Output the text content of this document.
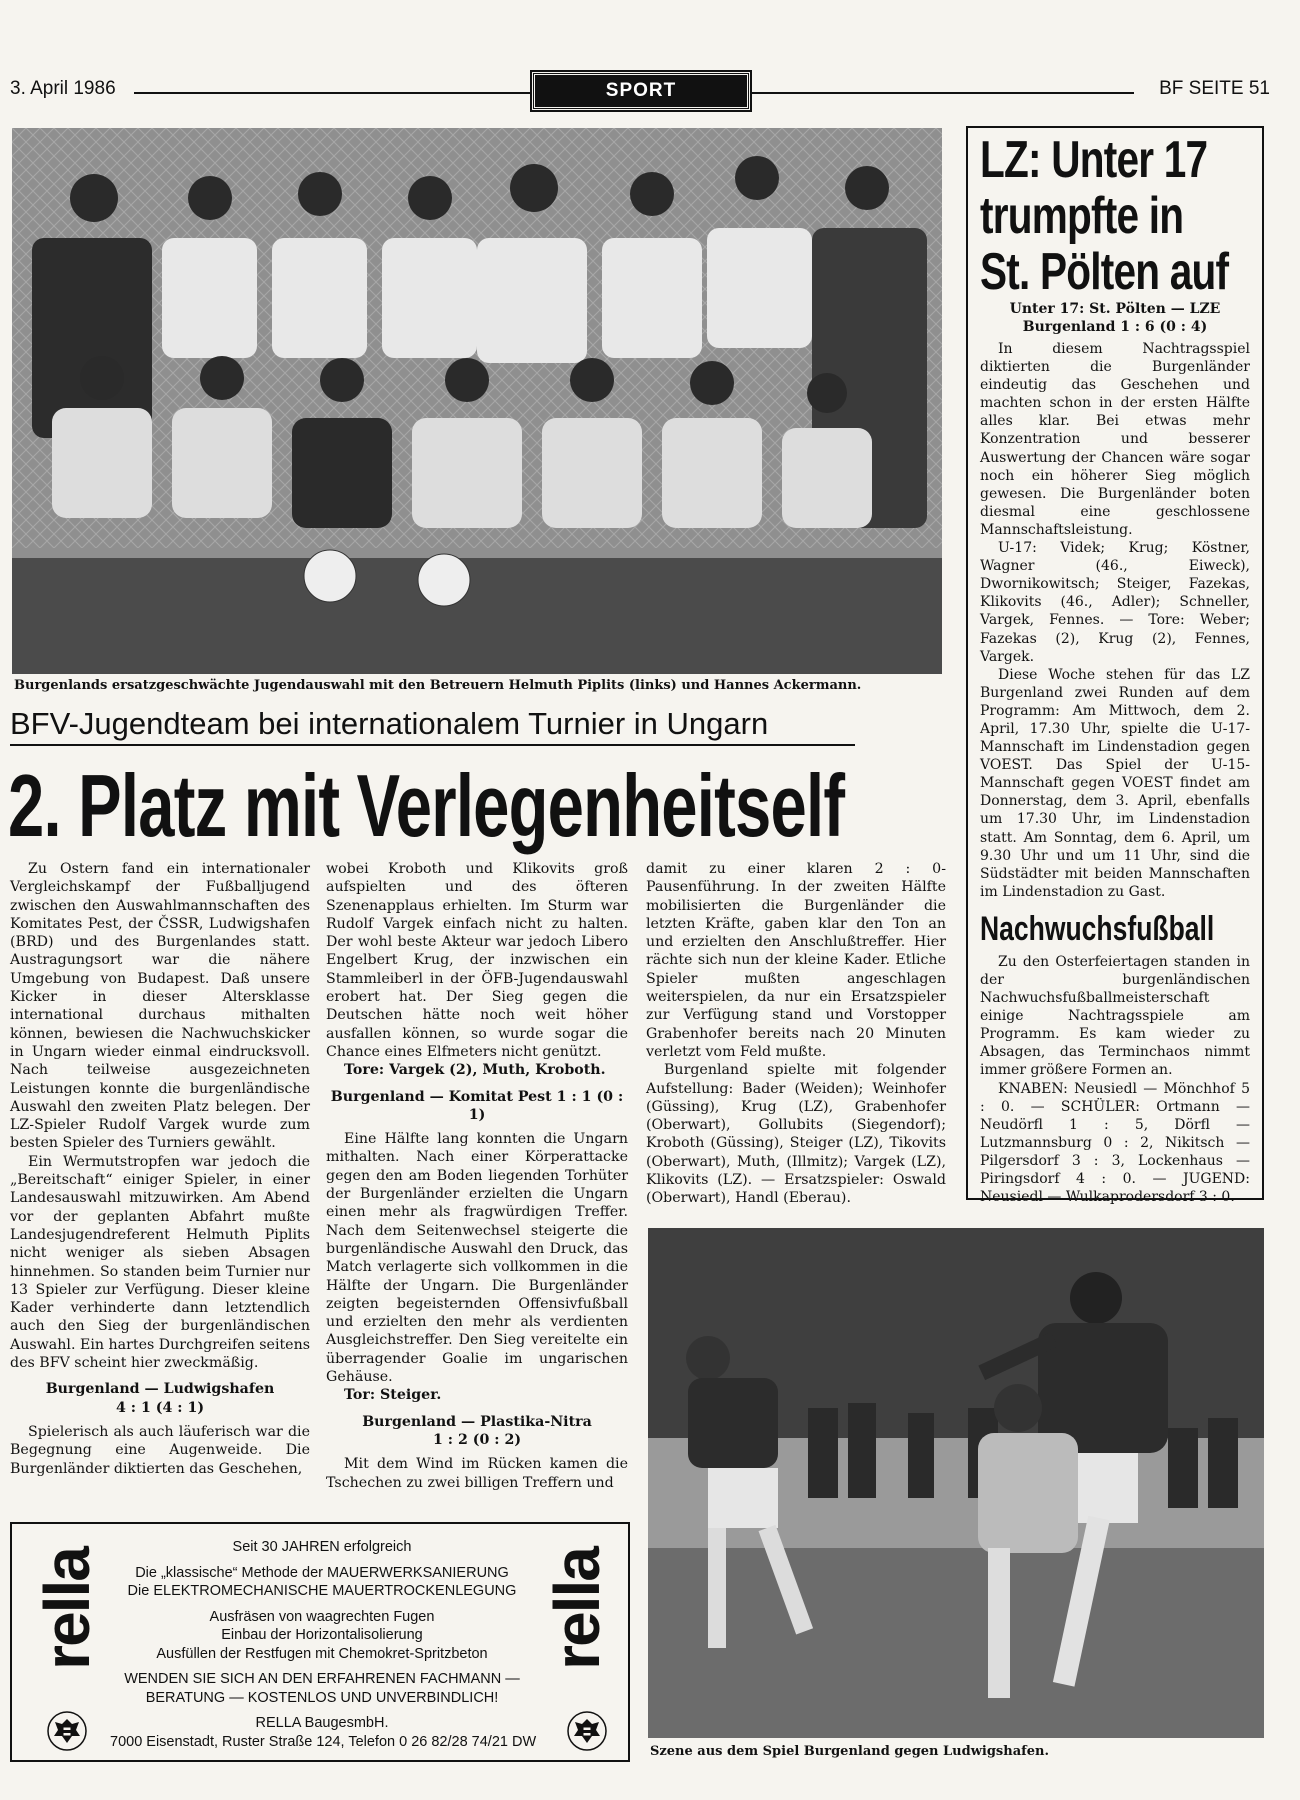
3. April 1986	SPORT	BF SEITE 51
Burgenlands ersatzgeschwächte Jugendauswahl mit den Betreuern Helmuth Piplits (links) und Hannes Ackermann.
BFV-Jugendteam bei internationalem Turnier in Ungarn
2. Platz mit Verlegenheitself

Zu Ostern fand ein internationaler Vergleichskampf der Fußballjugend zwischen den Auswahlmannschaften des Komitates Pest, der ČSSR, Ludwigshafen (BRD) und des Burgenlandes statt. Austragungsort war die nähere Umgebung von Budapest. Daß unsere Kicker in dieser Altersklasse international durchaus mithalten können, bewiesen die Nachwuchskicker in Ungarn wieder einmal eindrucksvoll. Nach teilweise ausgezeichneten Leistungen konnte die burgenländische Auswahl den zweiten Platz belegen. Der LZ-Spieler Rudolf Vargek wurde zum besten Spieler des Turniers gewählt.

Ein Wermutstropfen war jedoch die „Bereitschaft“ einiger Spieler, in einer Landesauswahl mitzuwirken. Am Abend vor der geplanten Abfahrt mußte Landesjugendreferent Helmuth Piplits nicht weniger als sieben Absagen hinnehmen. So standen beim Turnier nur 13 Spieler zur Verfügung. Dieser kleine Kader verhinderte dann letztendlich auch den Sieg der burgenländischen Auswahl. Ein hartes Durchgreifen seitens des BFV scheint hier zweckmäßig.

Burgenland — Ludwigshafen
4 : 1 (4 : 1)

Spielerisch als auch läuferisch war die Begegnung eine Augenweide. Die Burgenländer diktierten das Geschehen,

wobei Kroboth und Klikovits groß aufspielten und des öfteren Szenenapplaus erhielten. Im Sturm war Rudolf Vargek einfach nicht zu halten. Der wohl beste Akteur war jedoch Libero Engelbert Krug, der inzwischen ein Stammleiberl in der ÖFB-Jugendauswahl erobert hat. Der Sieg gegen die Deutschen hätte noch weit höher ausfallen können, so wurde sogar die Chance eines Elfmeters nicht genützt.

Tore: Vargek (2), Muth, Kroboth.

Burgenland — Komitat Pest 1 : 1 (0 : 1)

Eine Hälfte lang konnten die Ungarn mithalten. Nach einer Körperattacke gegen den am Boden liegenden Torhüter der Burgenländer erzielten die Ungarn einen mehr als fragwürdigen Treffer. Nach dem Seitenwechsel steigerte die burgenländische Auswahl den Druck, das Match verlagerte sich vollkommen in die Hälfte der Ungarn. Die Burgenländer zeigten begeisternden Offensivfußball und erzielten den mehr als verdienten Ausgleichstreffer. Den Sieg vereitelte ein überragender Goalie im ungarischen Gehäuse.

Tor: Steiger.

Burgenland — Plastika-Nitra
1 : 2 (0 : 2)

Mit dem Wind im Rücken kamen die Tschechen zu zwei billigen Treffern und

damit zu einer klaren 2 : 0-Pausenführung. In der zweiten Hälfte mobilisierten die Burgenländer die letzten Kräfte, gaben klar den Ton an und erzielten den Anschlußtreffer. Hier rächte sich nun der kleine Kader. Etliche Spieler mußten angeschlagen weiterspielen, da nur ein Ersatzspieler zur Verfügung stand und Vorstopper Grabenhofer bereits nach 20 Minuten verletzt vom Feld mußte.

Burgenland spielte mit folgender Aufstellung: Bader (Weiden); Weinhofer (Güssing), Krug (LZ), Grabenhofer (Oberwart), Gollubits (Siegendorf); Kroboth (Güssing), Steiger (LZ), Tikovits (Oberwart), Muth, (Illmitz); Vargek (LZ), Klikovits (LZ). — Ersatzspieler: Oswald (Oberwart), Handl (Eberau).

LZ: Unter 17
trumpfte in
St. Pölten auf
Unter 17: St. Pölten — LZE Burgenland 1 : 6 (0 : 4)

In diesem Nachtragsspiel diktierten die Burgenländer eindeutig das Geschehen und machten schon in der ersten Hälfte alles klar. Bei etwas mehr Konzentration und besserer Auswertung der Chancen wäre sogar noch ein höherer Sieg möglich gewesen. Die Burgenländer boten diesmal eine geschlossene Mannschaftsleistung.

U-17: Videk; Krug; Köstner, Wagner (46., Eiweck), Dwornikowitsch; Steiger, Fazekas, Klikovits (46., Adler); Schneller, Vargek, Fennes. — Tore: Weber; Fazekas (2), Krug (2), Fennes, Vargek.

Diese Woche stehen für das LZ Burgenland zwei Runden auf dem Programm: Am Mittwoch, dem 2. April, 17.30 Uhr, spielte die U-17-Mannschaft im Lindenstadion gegen VOEST. Das Spiel der U-15-Mannschaft gegen VOEST findet am Donnerstag, dem 3. April, ebenfalls um 17.30 Uhr, im Lindenstadion statt. Am Sonntag, dem 6. April, um 9.30 Uhr und um 11 Uhr, sind die Südstädter mit beiden Mannschaften im Lindenstadion zu Gast.

Nachwuchsfußball

Zu den Osterfeiertagen standen in der burgenländischen Nachwuchsfußballmeisterschaft einige Nachtragsspiele am Programm. Es kam wieder zu Absagen, das Terminchaos nimmt immer größere Formen an.

KNABEN: Neusiedl — Mönchhof 5 : 0. — SCHÜLER: Ortmann — Neudörfl 1 : 5, Dörfl — Lutzmannsburg 0 : 2, Nikitsch — Pilgersdorf 3 : 3, Lockenhaus — Piringsdorf 4 : 0. — JUGEND: Neusiedl — Wulkaprodersdorf 3 : 0.

Szene aus dem Spiel Burgenland gegen Ludwigshafen.
rella	rella
Seit 30 JAHREN erfolgreich
Die „klassische“ Methode der MAUERWERKSANIERUNG
Die ELEKTROMECHANISCHE MAUERTROCKENLEGUNG
Ausfräsen von waagrechten Fugen
Einbau der Horizontalisolierung
Ausfüllen der Restfugen mit Chemokret-Spritzbeton
WENDEN SIE SICH AN DEN ERFAHRENEN FACHMANN —
BERATUNG — KOSTENLOS UND UNVERBINDLICH!
RELLA BaugesmbH.
7000 Eisenstadt, Ruster Straße 124, Telefon 0 26 82/28 74/21 DW
